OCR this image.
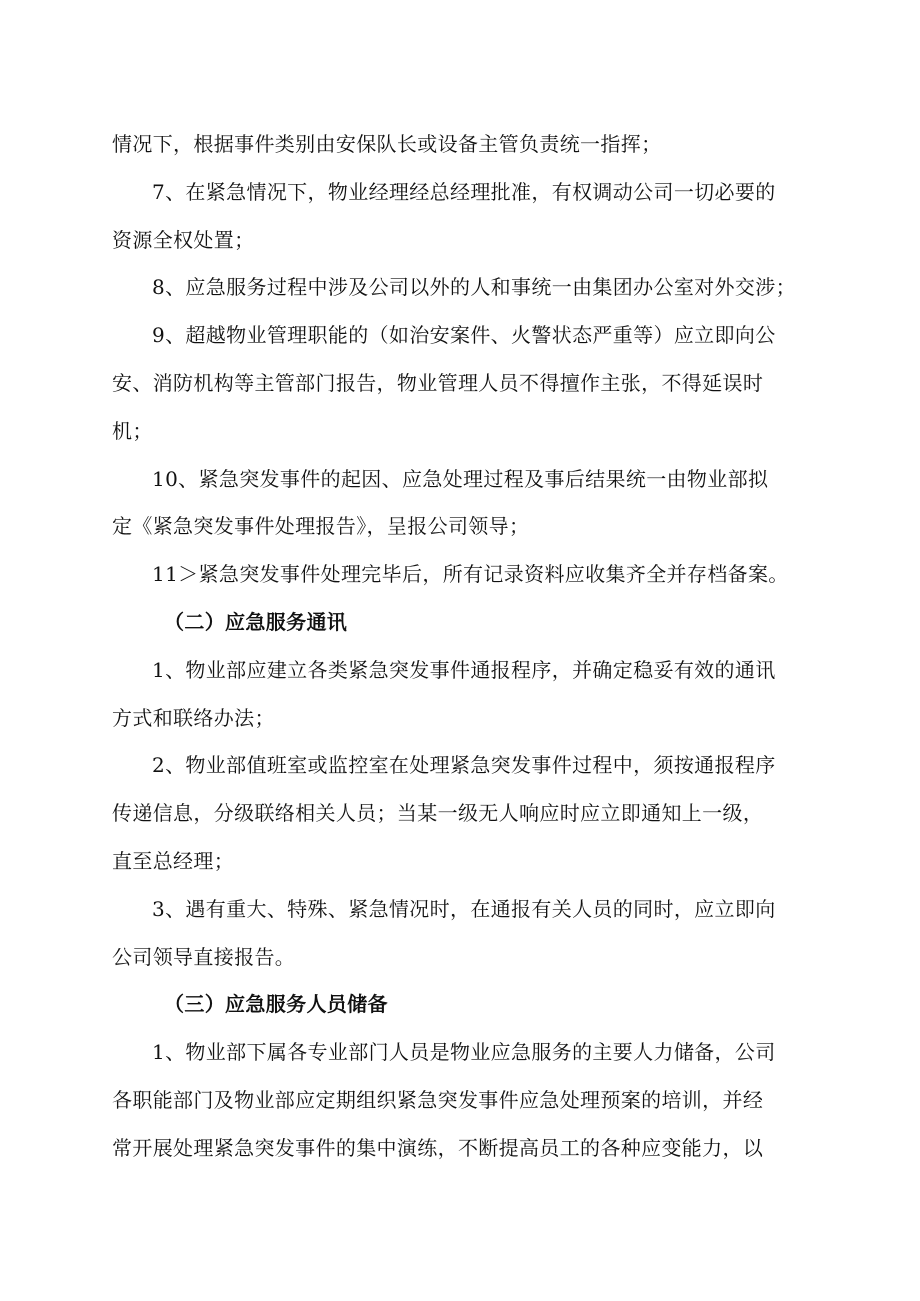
情况下，根据事件类别由安保队长或设备主管负责统一指挥；
7、在紧急情况下，物业经理经总经理批准，有权调动公司一切必要的
资源全权处置；
8、应急服务过程中涉及公司以外的人和事统一由集团办公室对外交涉；
9、超越物业管理职能的（如治安案件、火警状态严重等）应立即向公
安、消防机构等主管部门报告，物业管理人员不得擅作主张，不得延误时
机；
10、紧急突发事件的起因、应急处理过程及事后结果统一由物业部拟
定《紧急突发事件处理报告》，呈报公司领导；
11＞紧急突发事件处理完毕后，所有记录资料应收集齐全并存档备案。
（二）应急服务通讯
1、物业部应建立各类紧急突发事件通报程序，并确定稳妥有效的通讯
方式和联络办法；
2、物业部值班室或监控室在处理紧急突发事件过程中，须按通报程序
传递信息，分级联络相关人员；当某一级无人响应时应立即通知上一级，
直至总经理；
3、遇有重大、特殊、紧急情况时，在通报有关人员的同时，应立即向
公司领导直接报告。
（三）应急服务人员储备
1、物业部下属各专业部门人员是物业应急服务的主要人力储备，公司
各职能部门及物业部应定期组织紧急突发事件应急处理预案的培训，并经
常开展处理紧急突发事件的集中演练，不断提高员工的各种应变能力，以
